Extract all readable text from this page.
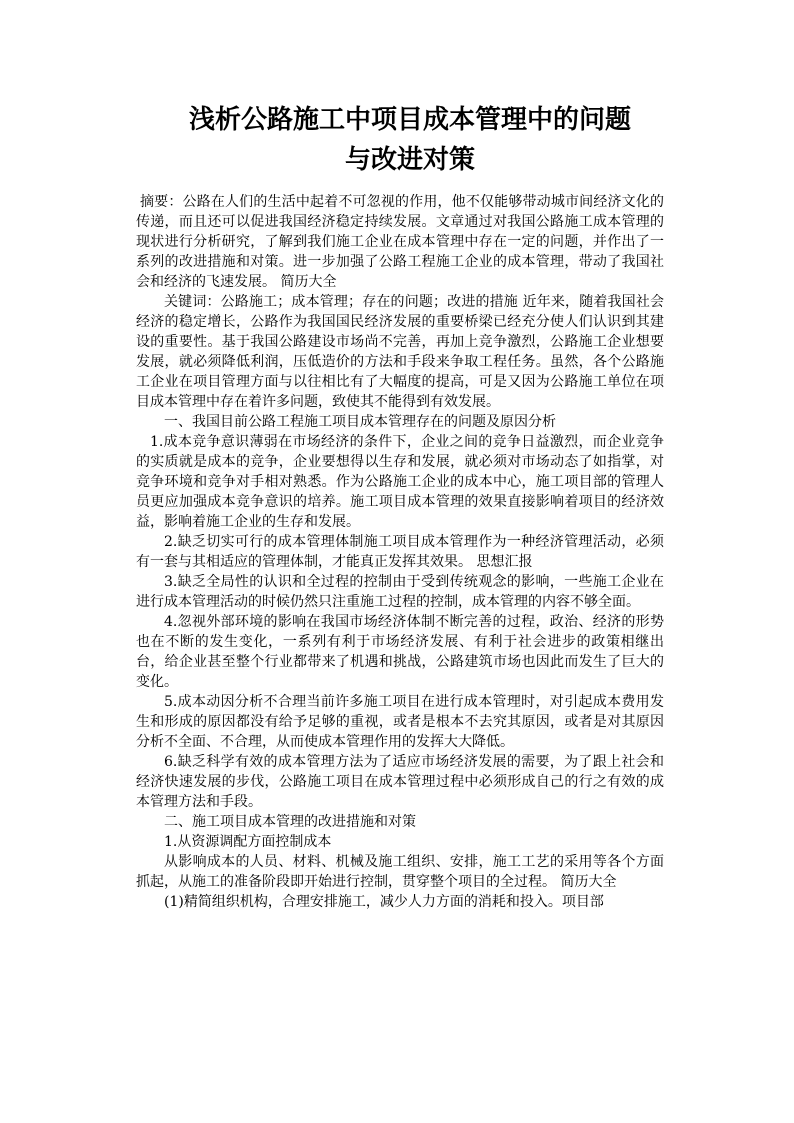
浅析公路施工中项目成本管理中的问题
与改进对策

摘要：公路在人们的生活中起着不可忽视的作用，他不仅能够带动城市间经济文化的传递，而且还可以促进我国经济稳定持续发展。文章通过对我国公路施工成本管理的现状进行分析研究，了解到我们施工企业在成本管理中存在一定的问题，并作出了一系列的改进措施和对策。进一步加强了公路工程施工企业的成本管理，带动了我国社会和经济的飞速发展。 简历大全

关键词：公路施工；成本管理；存在的问题；改进的措施 近年来，随着我国社会经济的稳定增长，公路作为我国国民经济发展的重要桥梁已经充分使人们认识到其建设的重要性。基于我国公路建设市场尚不完善，再加上竞争激烈，公路施工企业想要发展，就必须降低利润，压低造价的方法和手段来争取工程任务。虽然，各个公路施工企业在项目管理方面与以往相比有了大幅度的提高，可是又因为公路施工单位在项目成本管理中存在着许多问题，致使其不能得到有效发展。

一、我国目前公路工程施工项目成本管理存在的问题及原因分析

1.成本竞争意识薄弱在市场经济的条件下，企业之间的竞争日益激烈，而企业竞争的实质就是成本的竞争，企业要想得以生存和发展，就必须对市场动态了如指掌，对竞争环境和竞争对手相对熟悉。作为公路施工企业的成本中心，施工项目部的管理人员更应加强成本竞争意识的培养。施工项目成本管理的效果直接影响着项目的经济效益，影响着施工企业的生存和发展。

2.缺乏切实可行的成本管理体制施工项目成本管理作为一种经济管理活动，必须有一套与其相适应的管理体制，才能真正发挥其效果。 思想汇报

3.缺乏全局性的认识和全过程的控制由于受到传统观念的影响，一些施工企业在进行成本管理活动的时候仍然只注重施工过程的控制，成本管理的内容不够全面。

4.忽视外部环境的影响在我国市场经济体制不断完善的过程，政治、经济的形势也在不断的发生变化，一系列有利于市场经济发展、有利于社会进步的政策相继出台，给企业甚至整个行业都带来了机遇和挑战，公路建筑市场也因此而发生了巨大的变化。

5.成本动因分析不合理当前许多施工项目在进行成本管理时，对引起成本费用发生和形成的原因都没有给予足够的重视，或者是根本不去究其原因，或者是对其原因分析不全面、不合理，从而使成本管理作用的发挥大大降低。

6.缺乏科学有效的成本管理方法为了适应市场经济发展的需要，为了跟上社会和经济快速发展的步伐，公路施工项目在成本管理过程中必须形成自己的行之有效的成本管理方法和手段。

二、施工项目成本管理的改进措施和对策

1.从资源调配方面控制成本

从影响成本的人员、材料、机械及施工组织、安排，施工工艺的采用等各个方面抓起，从施工的准备阶段即开始进行控制，贯穿整个项目的全过程。 简历大全

(1)精简组织机构，合理安排施工，减少人力方面的消耗和投入。项目部
